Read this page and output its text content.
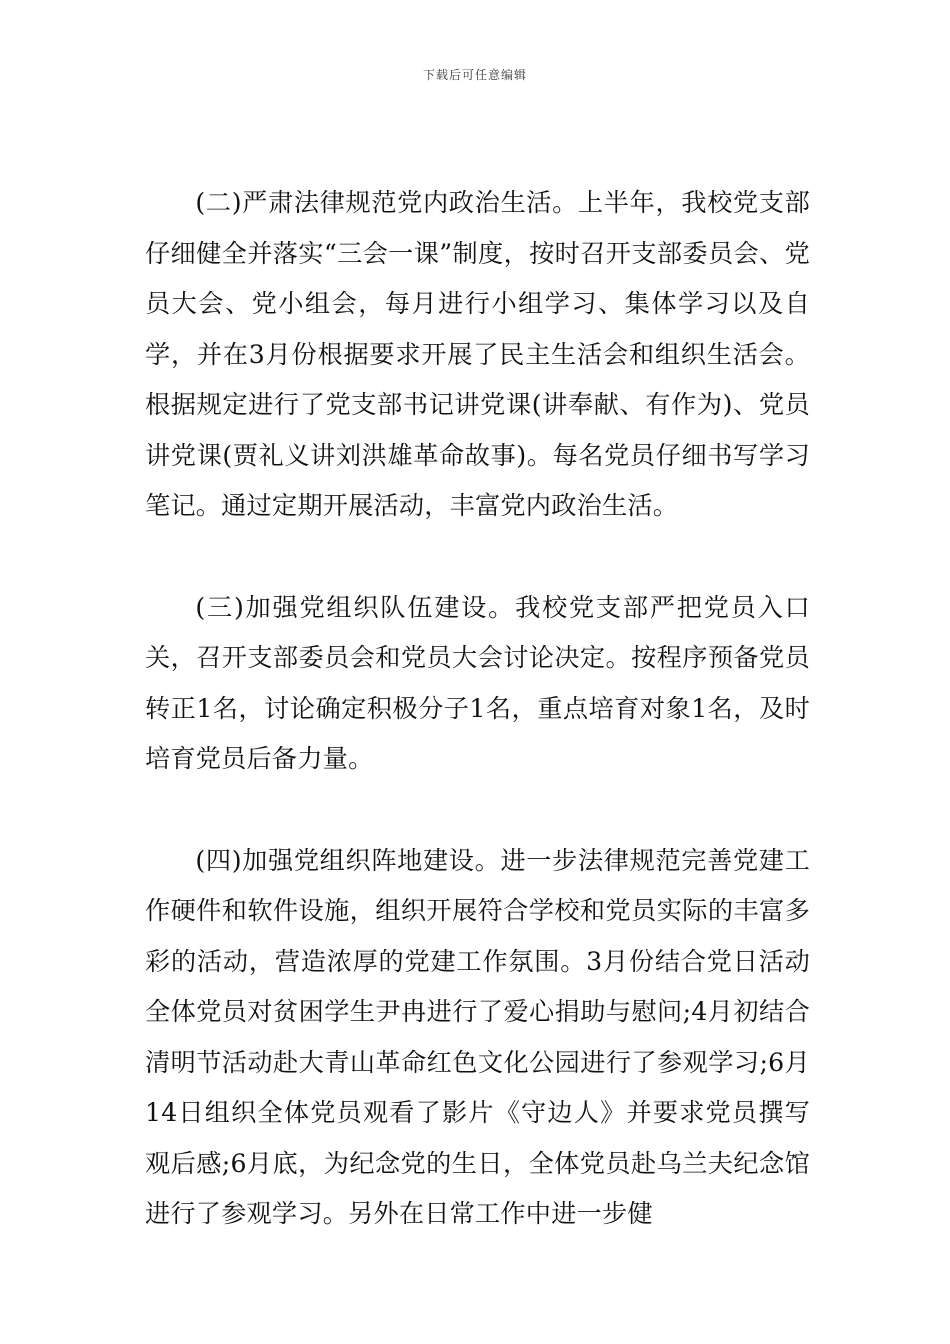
下载后可任意编辑

(二)严肃法律规范党内政治生活。上半年，我校党支部仔细健全并落实“三会一课”制度，按时召开支部委员会、党员大会、党小组会，每月进行小组学习、集体学习以及自学，并在3月份根据要求开展了民主生活会和组织生活会。根据规定进行了党支部书记讲党课(讲奉献、有作为)、党员讲党课(贾礼义讲刘洪雄革命故事)。每名党员仔细书写学习笔记。通过定期开展活动，丰富党内政治生活。

(三)加强党组织队伍建设。我校党支部严把党员入口关，召开支部委员会和党员大会讨论决定。按程序预备党员转正1名，讨论确定积极分子1名，重点培育对象1名，及时培育党员后备力量。

(四)加强党组织阵地建设。进一步法律规范完善党建工作硬件和软件设施，组织开展符合学校和党员实际的丰富多彩的活动，营造浓厚的党建工作氛围。3月份结合党日活动全体党员对贫困学生尹冉进行了爱心捐助与慰问;4月初结合清明节活动赴大青山革命红色文化公园进行了参观学习;6月14日组织全体党员观看了影片《守边人》并要求党员撰写观后感;6月底，为纪念党的生日，全体党员赴乌兰夫纪念馆进行了参观学习。另外在日常工作中进一步健
